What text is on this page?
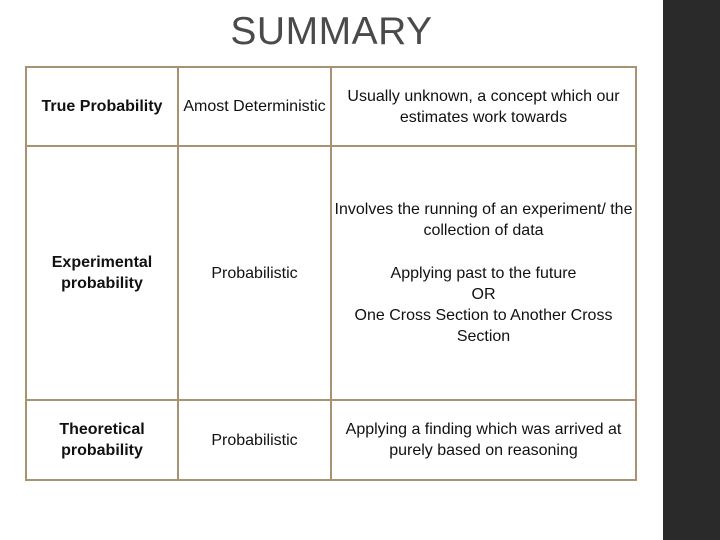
SUMMARY
True Probability	Amost Deterministic
Usually unknown, a concept which our estimates work towards
Experimental probability
Probabilistic
Involves the running of an experiment/ the collection of data
Applying past to the future
OR
One Cross Section to Another Cross Section
Theoretical probability
Probabilistic
Applying a finding which was arrived at purely based on reasoning
